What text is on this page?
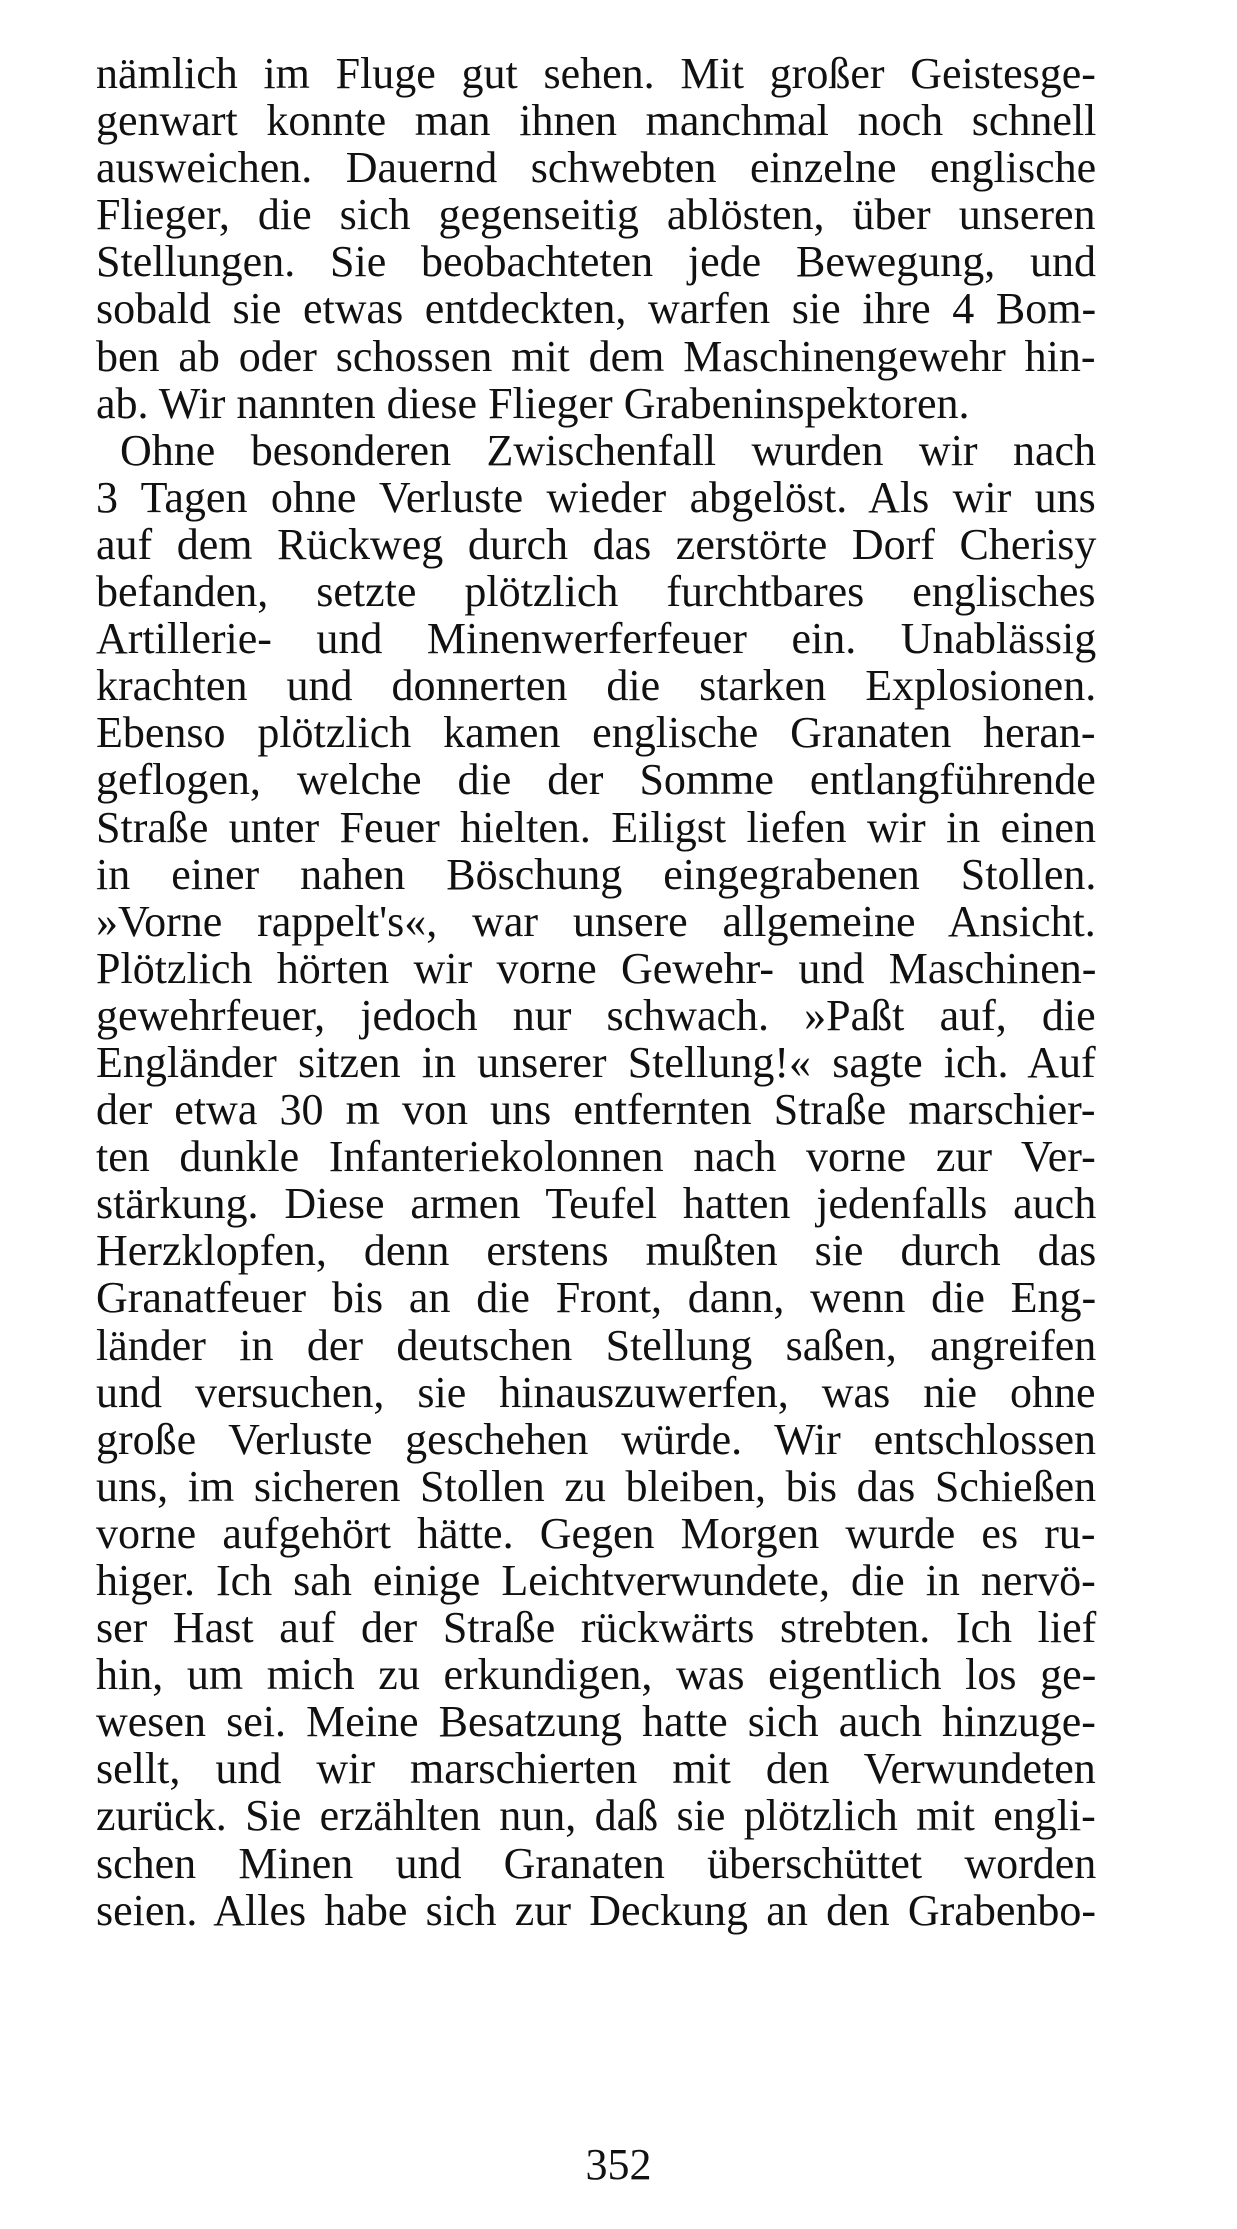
nämlich im Fluge gut sehen. Mit großer Geistesge-
genwart konnte man ihnen manchmal noch schnell
ausweichen. Dauernd schwebten einzelne englische
Flieger, die sich gegenseitig ablösten, über unseren
Stellungen. Sie beobachteten jede Bewegung, und
sobald sie etwas entdeckten, warfen sie ihre 4 Bom-
ben ab oder schossen mit dem Maschinengewehr hin-
ab. Wir nannten diese Flieger Grabeninspektoren.
Ohne besonderen Zwischenfall wurden wir nach
3 Tagen ohne Verluste wieder abgelöst. Als wir uns
auf dem Rückweg durch das zerstörte Dorf Cherisy
befanden, setzte plötzlich furchtbares englisches
Artillerie- und Minenwerferfeuer ein. Unablässig
krachten und donnerten die starken Explosionen.
Ebenso plötzlich kamen englische Granaten heran-
geflogen, welche die der Somme entlangführende
Straße unter Feuer hielten. Eiligst liefen wir in einen
in einer nahen Böschung eingegrabenen Stollen.
»Vorne rappelt's«, war unsere allgemeine Ansicht.
Plötzlich hörten wir vorne Gewehr- und Maschinen-
gewehrfeuer, jedoch nur schwach. »Paßt auf, die
Engländer sitzen in unserer Stellung!« sagte ich. Auf
der etwa 30 m von uns entfernten Straße marschier-
ten dunkle Infanteriekolonnen nach vorne zur Ver-
stärkung. Diese armen Teufel hatten jedenfalls auch
Herzklopfen, denn erstens mußten sie durch das
Granatfeuer bis an die Front, dann, wenn die Eng-
länder in der deutschen Stellung saßen, angreifen
und versuchen, sie hinauszuwerfen, was nie ohne
große Verluste geschehen würde. Wir entschlossen
uns, im sicheren Stollen zu bleiben, bis das Schießen
vorne aufgehört hätte. Gegen Morgen wurde es ru-
higer. Ich sah einige Leichtverwundete, die in nervö-
ser Hast auf der Straße rückwärts strebten. Ich lief
hin, um mich zu erkundigen, was eigentlich los ge-
wesen sei. Meine Besatzung hatte sich auch hinzuge-
sellt, und wir marschierten mit den Verwundeten
zurück. Sie erzählten nun, daß sie plötzlich mit engli-
schen Minen und Granaten überschüttet worden
seien. Alles habe sich zur Deckung an den Grabenbo-
352
